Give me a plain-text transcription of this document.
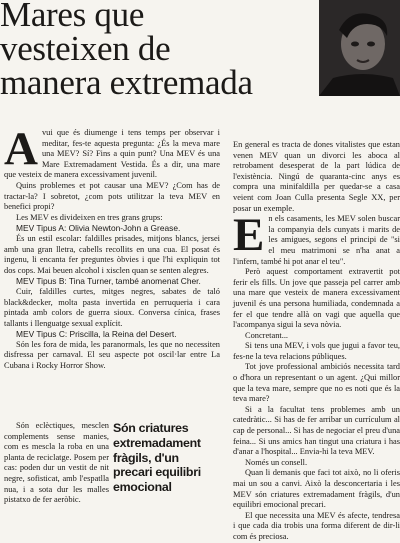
Mares que
vesteixen de
manera extremada

Avui que és diumenge i tens temps per observar i meditar, fes-te aquesta pregunta: ¿És la meva mare una MEV? Sí? Fins a quin punt? Una MEV és una Mare Extremadament Vestida. És a dir, una mare que vesteix de manera excessivament juvenil.

Quins problemes et pot causar una MEV? ¿Com has de tractar-la? I sobretot, ¿com pots utilitzar la teva MEV en benefici propi?

Les MEV es divideixen en tres grans grups:

MEV Tipus A: Olivia Newton-John a Grease.

És un estil escolar: faldilles prisades, mitjons blancs, jersei amb una gran lletra, cabells recollits en una cua. El posat és ingenu, li encanta fer preguntes òbvies i que l'hi expliquin tot dos cops. Mai beuen alcohol i xisclen quan se senten alegres.

MEV Tipus B: Tina Turner, també anomenat Cher.

Cuir, faldilles curtes, mitges negres, sabates de taló black&decker, molta pasta invertida en perruqueria i cara pintada amb colors de guerra sioux. Conversa cínica, frases tallants i llenguatge sexual explícit.

MEV Tipus C: Priscilla, la Reina del Desert.

Són les fora de mida, les paranormals, les que no necessiten disfressa per carnaval. El seu aspecte pot oscil·lar entre La Cubana i Rocky Horror Show.

Són eclèctiques, mesclen complements sense manies, com es mescla la roba en una planta de reciclatge. Posem per cas: poden dur un vestit de nit negre, sofisticat, amb l'espatlla nua, i a sota dur les malles pistatxo de fer aeròbic.

Són criatures extremadament fràgils, d'un precari equilibri emocional

En general es tracta de dones vitalistes que estan venen MEV quan un divorci les aboca al retrobament desesperat de la part lúdica de l'existència. Ningú de quaranta-cinc anys es compra una minifaldilla per quedar-se a casa veient com Joan Culla presenta Segle XX, per posar un exemple.

En els casaments, les MEV solen buscar la companyia dels cunyats i marits de les amigues, segons el principi de "si el meu matrimoni se n'ha anat a l'infern, també hi pot anar el teu".

Però aquest comportament extravertit pot ferir els fills. Un jove que passeja pel carrer amb una mare que vesteix de manera excessivament juvenil és una persona humiliada, condemnada a fer el que tendre allà on vagi que aquella que l'acompanya sigui la seva nòvia.

Concretant...

Si tens una MEV, i vols que jugui a favor teu, fes-ne la teva relacions públiques.

Tot jove professional ambiciós necessita tard o d'hora un representant o un agent. ¿Qui millor que la teva mare, sempre que no es noti que és la teva mare?

Si a la facultat tens problemes amb un catedràtic... Si has de fer arribar un currículum al cap de personal... Si has de negociar el preu d'una feina... Si uns amics han tingut una criatura i has d'anar a l'hospital... Envia-hi la teva MEV.

Només un consell.

Quan li demanis que faci tot això, no li oferis mai un sou a canvi. Això la desconcertaria i les MEV són criatures extremadament fràgils, d'un equilibri emocional precari.

El que necessita una MEV és afecte, tendresa i que cada dia trobis una forma diferent de dir-li com és preciosa.
